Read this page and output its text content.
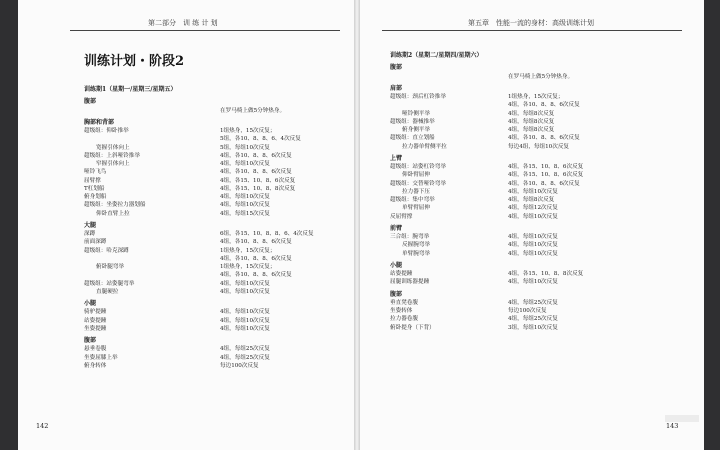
第二部分　训 练 计 划
训练计划・阶段2
训练期1（星期一/星期三/星期五）
腹部
在罗马椅上做5分钟热身。
胸部和背部
超级组：仰卧推举	1组热身，15次反复；
5组，各10、8、8、6、4次反复
宽握引体向上	5组，每组10次反复
超级组：上斜哑铃推举	4组，各10、8、8、6次反复
窄握引体向上	4组，每组10次反复
哑铃飞鸟	4组，各10、8、8、6次反复
屈臂撑	4组，各15、10、8、6次反复
T杠划船	4组，各15、10、8、8次反复
俯身划船	4组，每组10次反复
超级组：坐姿拉力器划船	4组，每组10次反复
仰卧直臂上拉	4组，每组15次反复
大腿
深蹲	6组，各15、10、8、8、6、4次反复
前面深蹲	4组，各10、8、8、6次反复
超级组：哈克深蹲	1组热身，15次反复；
4组，各10、8、8、6次反复
俯卧腿弯举	1组热身，15次反复；
4组，各10、8、8、6次反复
超级组：站姿腿弯举	4组，每组10次反复
直腿硬拉	4组，每组10次反复
小腿
骑驴提踵	4组，每组10次反复
站姿提踵	4组，每组10次反复
坐姿提踵	4组，每组10次反复
腹部
悬垂卷腹	4组，每组25次反复
坐姿屈膝上举	4组，每组25次反复
俯身转体	每边100次反复
142
第五章　性能一流的身材：高级训练计划
训练期2（星期二/星期四/星期六）
腹部
在罗马椅上做5分钟热身。
肩部
超级组：颈后杠铃推举	1组热身，15次反复；
4组，各10、8、8、6次反复
哑铃侧平举	4组，每组8次反复
超级组：器械推举	4组，每组8次反复
俯身侧平举	4组，每组8次反复
超级组：直立划船	4组，各10、8、8、6次反复
拉力器单臂侧平拉	每边4组，每组10次反复
上臂
超级组：站姿杠铃弯举	4组，各15、10、8、6次反复
仰卧臂屈伸	4组，各15、10、8、6次反复
超级组：交替哑铃弯举	4组，各10、8、8、6次反复
拉力器下压	4组，每组10次反复
超级组：集中弯举	4组，每组8次反复
单臂臂屈伸	4组，每组12次反复
反屈臂撑	4组，每组10次反复
前臂
三合组：腕弯举	4组，每组10次反复
反握腕弯举	4组，每组10次反复
单臂腕弯举	4组，每组10次反复
小腿
站姿提踵	4组，各15、10、8、8次反复
屈腿训练器提踵	4组，每组10次反复
腹部
垂直凳卷腹	4组，每组25次反复
坐姿转体	每边100次反复
拉力器卷腹	4组，每组25次反复
俯卧提身（下背）	3组，每组10次反复
143
